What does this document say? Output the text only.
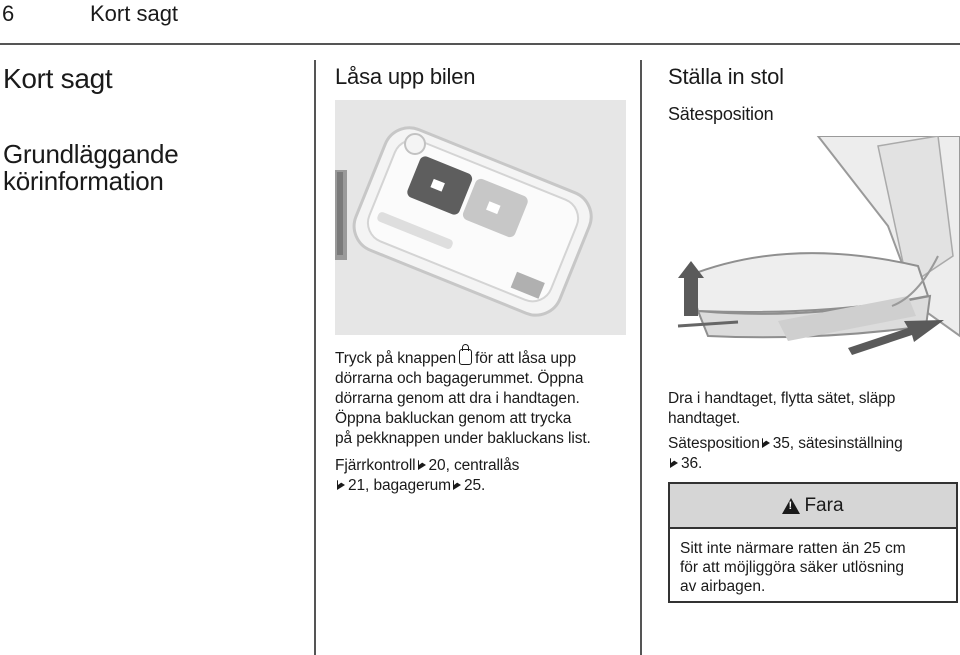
6	Kort sagt
Kort sagt
Grundläggande
körinformation
Låsa upp bilen
Tryck på knappen för att låsa upp
dörrarna och bagagerummet. Öppna
dörrarna genom att dra i handtagen.
Öppna bakluckan genom att trycka
på pekknappen under bakluckans list.
Fjärrkontroll 20, centrallås
21, bagagerum 25.
Ställa in stol
Sätesposition
Dra i handtaget, flytta sätet, släpp
handtaget.
Sätesposition 35, sätesinställning
36.
!
Fara
Sitt inte närmare ratten än 25 cm
för att möjliggöra säker utlösning
av airbagen.
